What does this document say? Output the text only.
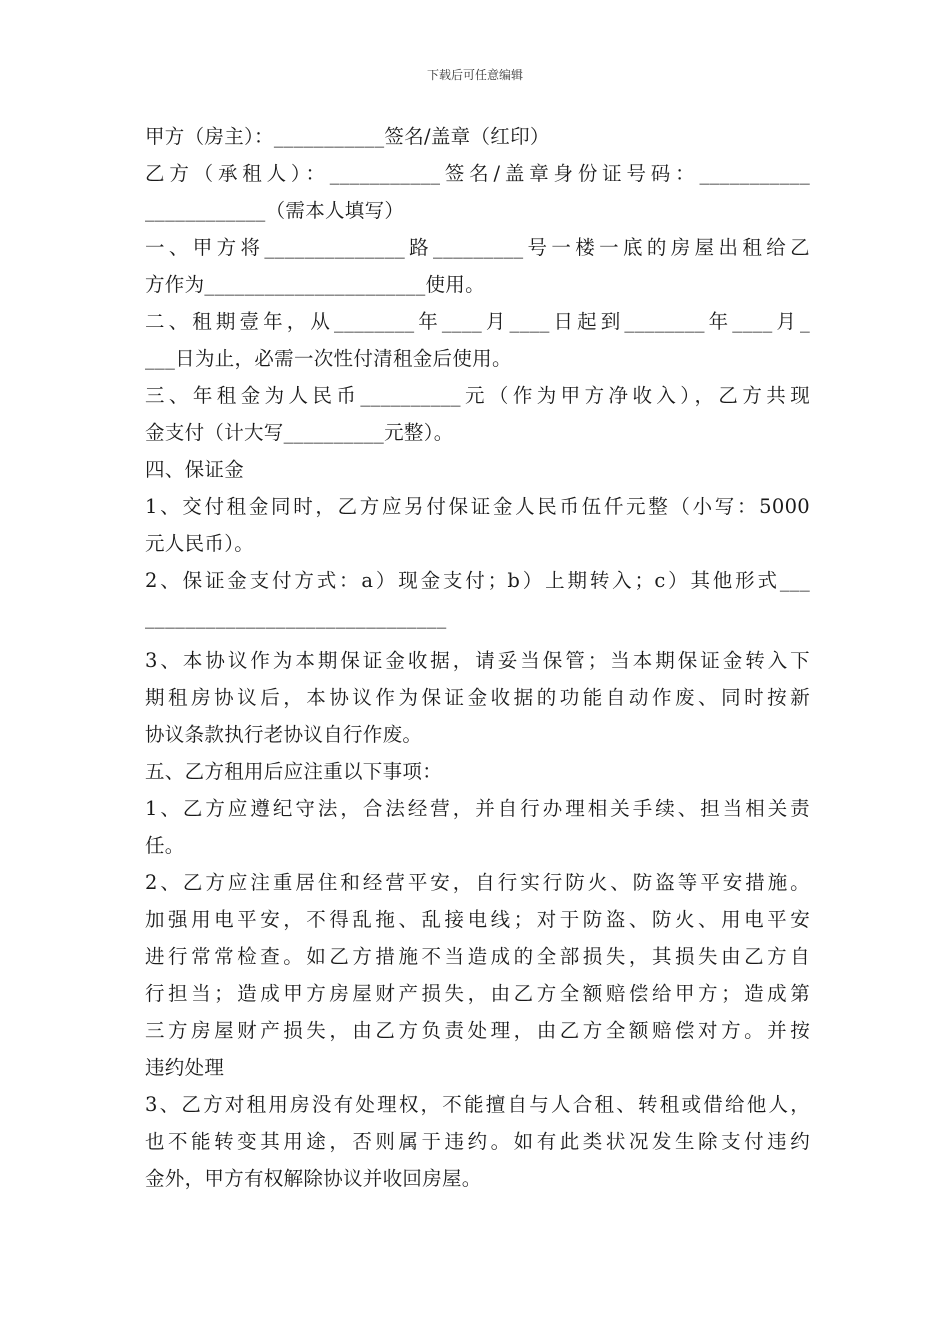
下载后可任意编辑
甲方（房主）：___________签名/盖章（红印）
乙方（承租人）：___________签名/盖章身份证号码：___________
____________（需本人填写）
一、甲方将______________路_________号一楼一底的房屋出租给乙
方作为______________________使用。
二、租期壹年，从________年____月____日起到________年____月_
___日为止，必需一次性付清租金后使用。
三、年租金为人民币__________元（作为甲方净收入），乙方共现
金支付（计大写__________元整）。
四、保证金
1、交付租金同时，乙方应另付保证金人民币伍仟元整（小写：5000
元人民币）。
2、保证金支付方式：a）现金支付；b）上期转入；c）其他形式___
______________________________
3、本协议作为本期保证金收据，请妥当保管；当本期保证金转入下
期租房协议后，本协议作为保证金收据的功能自动作废、同时按新
协议条款执行老协议自行作废。
五、乙方租用后应注重以下事项：
1、乙方应遵纪守法，合法经营，并自行办理相关手续、担当相关责
任。
2、乙方应注重居住和经营平安，自行实行防火、防盗等平安措施。
加强用电平安，不得乱拖、乱接电线；对于防盗、防火、用电平安
进行常常检查。如乙方措施不当造成的全部损失，其损失由乙方自
行担当；造成甲方房屋财产损失，由乙方全额赔偿给甲方；造成第
三方房屋财产损失，由乙方负责处理，由乙方全额赔偿对方。并按
违约处理
3、乙方对租用房没有处理权，不能擅自与人合租、转租或借给他人，
也不能转变其用途，否则属于违约。如有此类状况发生除支付违约
金外，甲方有权解除协议并收回房屋。
